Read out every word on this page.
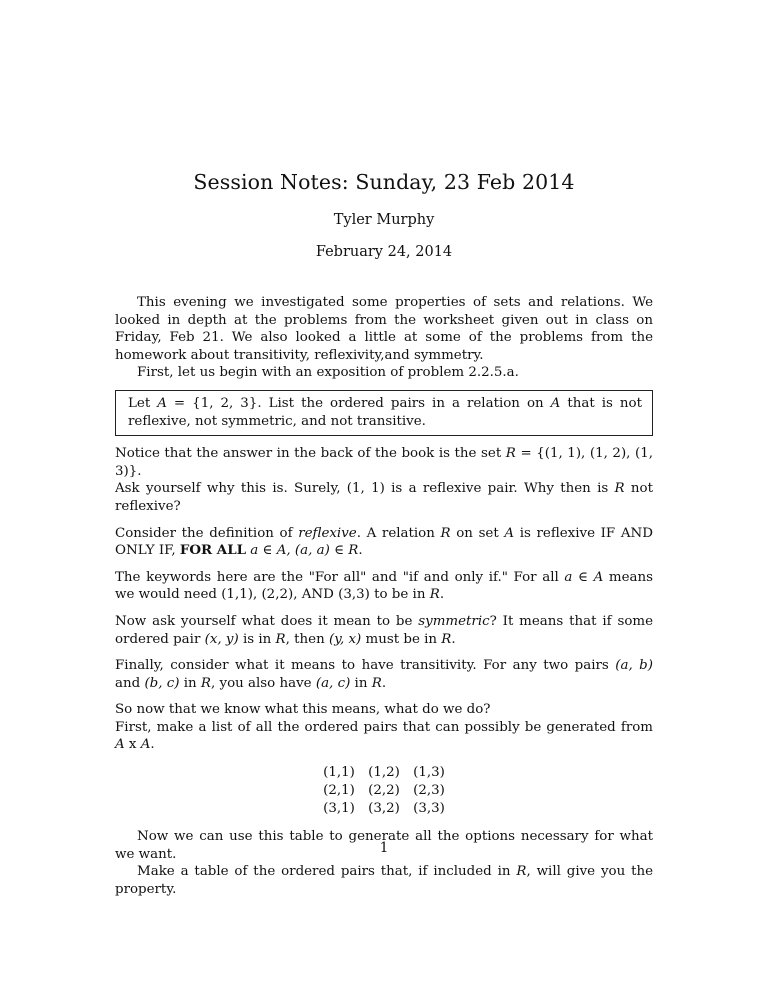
Session Notes: Sunday, 23 Feb 2014
Tyler Murphy
February 24, 2014

This evening we investigated some properties of sets and relations. We looked in depth at the problems from the worksheet given out in class on Friday, Feb 21. We also looked a little at some of the problems from the homework about transitivity, reflexivity,and symmetry.

First, let us begin with an exposition of problem 2.2.5.a.

Let A = {1, 2, 3}. List the ordered pairs in a relation on A that is not reflexive, not symmetric, and not transitive.

Notice that the answer in the back of the book is the set R = {(1, 1), (1, 2), (1, 3)}.
Ask yourself why this is. Surely, (1, 1) is a reflexive pair. Why then is R not reflexive?

Consider the definition of reflexive. A relation R on set A is reflexive IF AND ONLY IF, FOR ALL a ∈ A, (a, a) ∈ R.

The keywords here are the "For all" and "if and only if." For all a ∈ A means we would need (1,1), (2,2), AND (3,3) to be in R.

Now ask yourself what does it mean to be symmetric? It means that if some ordered pair (x, y) is in R, then (y, x) must be in R.

Finally, consider what it means to have transitivity. For any two pairs (a, b) and (b, c) in R, you also have (a, c) in R.

So now that we know what this means, what do we do?
First, make a list of all the ordered pairs that can possibly be generated from A x A.

(1,1) (1,2) (1,3)
(2,1) (2,2) (2,3)
(3,1) (3,2) (3,3)

Now we can use this table to generate all the options necessary for what we want.

Make a table of the ordered pairs that, if included in R, will give you the property.

1
